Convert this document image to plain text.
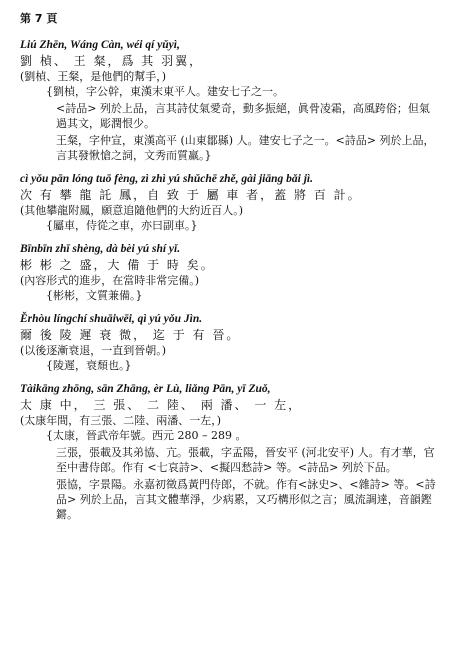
第 7 頁
Liú Zhēn, Wáng Càn, wéi qí yǔyì,
劉 楨、 王 粲，爲 其 羽翼，
(劉楨、王粲，是他們的幫手，)

{劉楨，字公幹，東漢末東平人。建安七子之一。

<詩品> 列於上品，言其詩仗氣愛奇，動多振絕，眞骨凌霜，高風跨俗；但氣過其文，彫潤恨少。

王粲，字仲宣，東漢高平 (山東鄒縣) 人。建安七子之一。<詩品> 列於上品，言其發愀愴之詞，文秀而質羸。}

cì yǒu pān lóng tuō fèng, zì zhì yú shǔchē zhě, gài jiāng bǎi jì.
次 有 攀 龍 託 鳳，自 致 于 屬 車 者，蓋 將 百 計。
(其他攀龍附鳳，願意追隨他們的大約近百人。)

{屬車，侍從之車，亦曰副車。}

Bīnbīn zhī shèng, dà bèi yú shí yǐ.
彬 彬 之 盛，大 備 于 時 矣。
(內容形式的進步，在當時非常完備。)

{彬彬，文質兼備。}

Ěrhòu língchí shuāiwēi, qì yú yǒu Jìn.
爾 後 陵 遲 衰 微， 迄 于 有 晉。
(以後逐漸衰退，一直到晉朝。)

{陵遲，衰頹也。}

Tàikāng zhōng, sān Zhāng, èr Lù, liǎng Pān, yī Zuǒ,
太 康 中， 三 張、 二 陸、 兩 潘、 一 左，
(太康年間，有三張、二陸、兩潘、一左，)

{太康，晉武帝年號。西元 280 – 289 。

三張，張載及其弟協、亢。張載，字孟陽，晉安平 (河北安平) 人。有才華，官至中書侍郎。作有 <七哀詩>、<擬四愁詩> 等。<詩品> 列於下品。

張協，字景陽。永嘉初徵爲黃門侍郎，不就。作有<詠史>、<雜詩> 等。<詩品> 列於上品，言其文體華淨，少病累，又巧構形似之言；風流調達，音韻鏗鏘。
